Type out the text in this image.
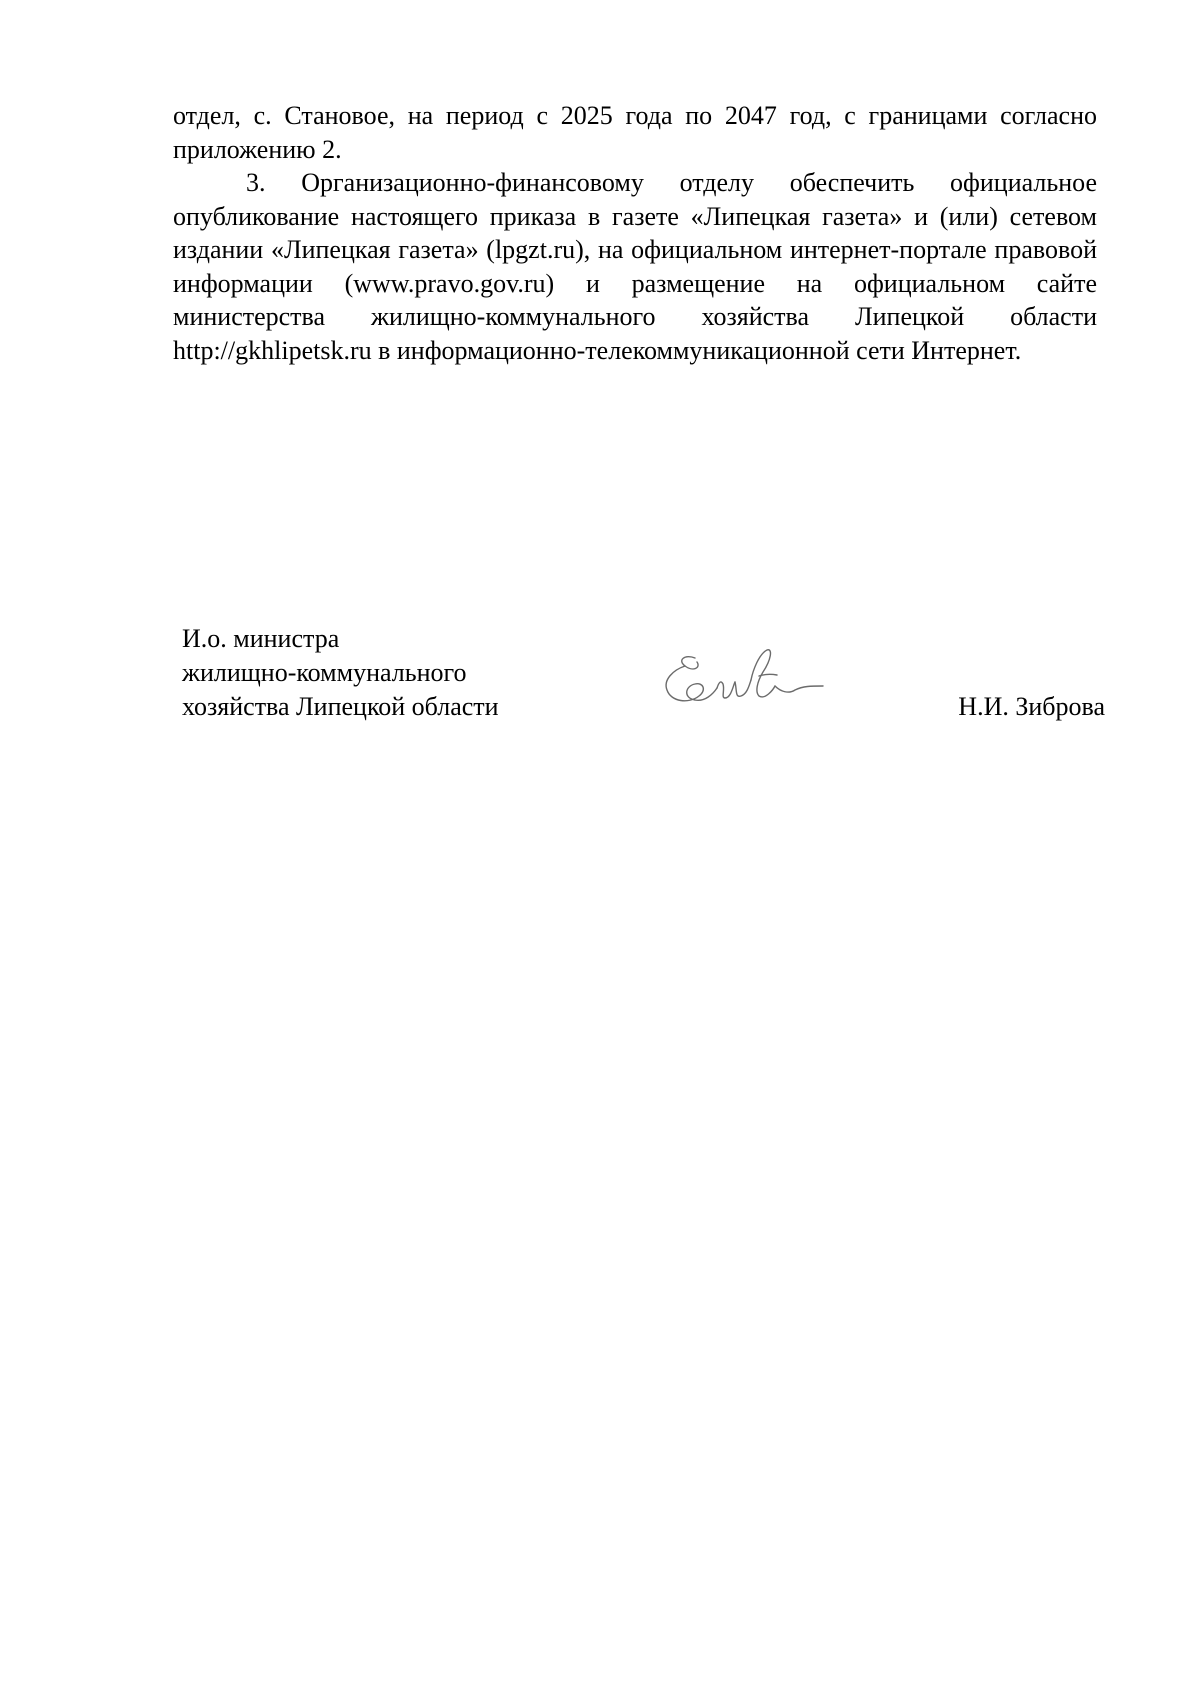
отдел, с. Становое, на период с 2025 года по 2047 год, с границами согласно приложению 2.

3. Организационно-финансовому отделу обеспечить официальное опубликование настоящего приказа в газете «Липецкая газета» и (или) сетевом издании «Липецкая газета» (lpgzt.ru), на официальном интернет-портале правовой информации (www.pravo.gov.ru) и размещение на официальном сайте министерства жилищно-коммунального хозяйства Липецкой области http://gkhlipetsk.ru в информационно-телекоммуникационной сети Интернет.

И.о. министра
жилищно-коммунального
хозяйства Липецкой области	Н.И. Зиброва
